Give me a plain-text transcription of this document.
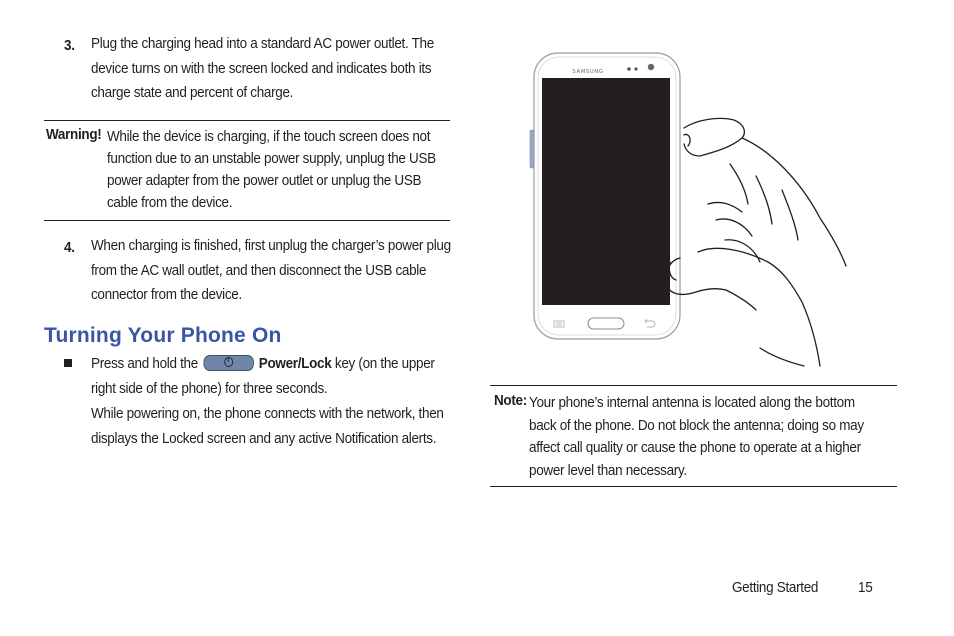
3. Plug the charging head into a standard AC power outlet. The device turns on with the screen locked and indicates both its charge state and percent of charge.
Warning! While the device is charging, if the touch screen does not function due to an unstable power supply, unplug the USB power adapter from the power outlet or unplug the USB cable from the device.
4. When charging is finished, first unplug the charger’s power plug from the AC wall outlet, and then disconnect the USB cable connector from the device.
Turning Your Phone On
Press and hold the	Power/Lock key (on the upper right side of the phone) for three seconds.
While powering on, the phone connects with the network, then displays the Locked screen and any active Notification alerts.
SAMSUNG
Note: Your phone’s internal antenna is located along the bottom back of the phone. Do not block the antenna; doing so may affect call quality or cause the phone to operate at a higher power level than necessary.
Getting Started	15
